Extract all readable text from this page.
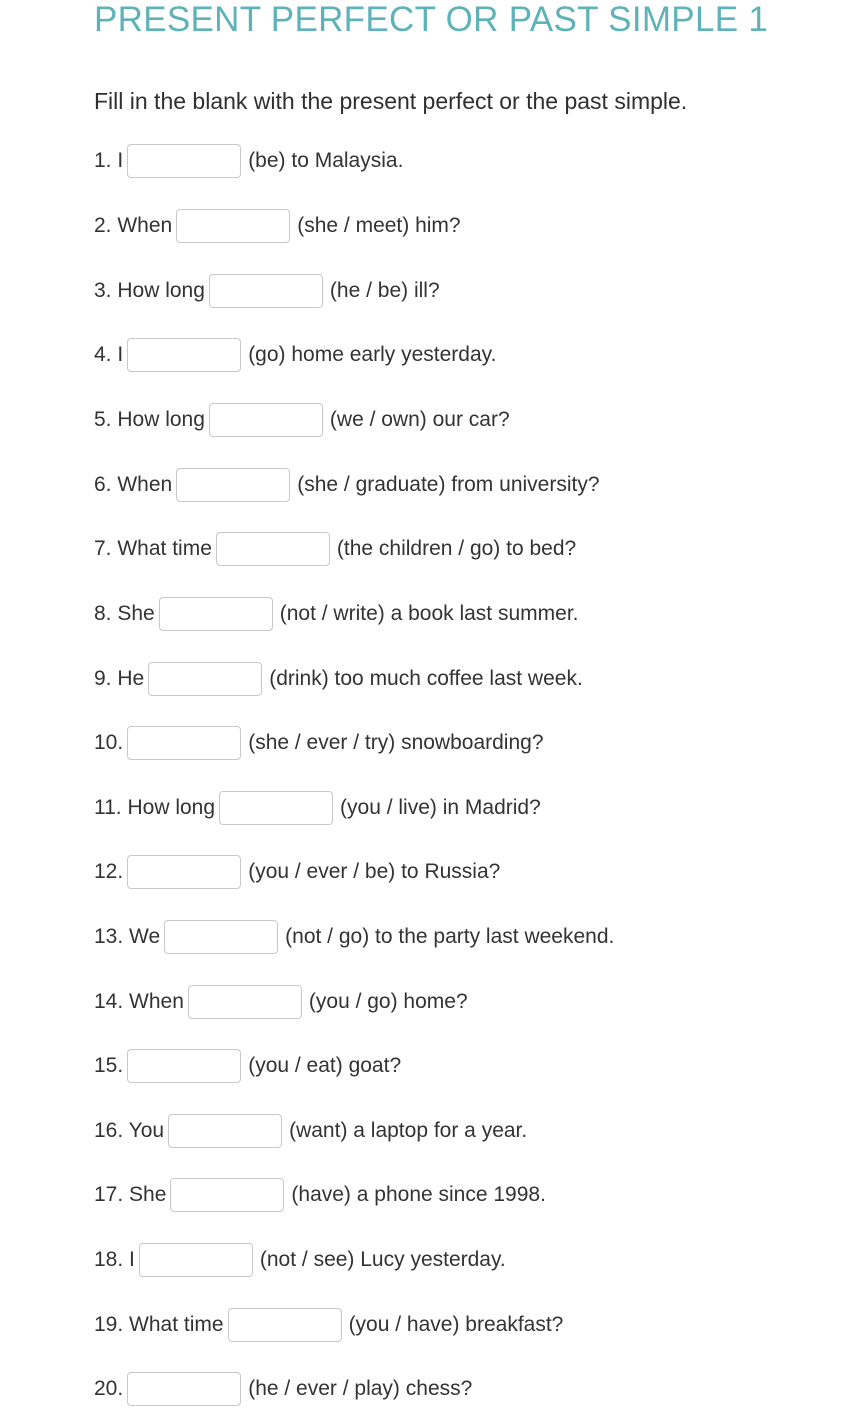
PRESENT PERFECT OR PAST SIMPLE 1
Fill in the blank with the present perfect or the past simple.
1. I	(be) to Malaysia.
2. When	(she / meet) him?
3. How long	(he / be) ill?
4. I	(go) home early yesterday.
5. How long	(we / own) our car?
6. When	(she / graduate) from university?
7. What time	(the children / go) to bed?
8. She	(not / write) a book last summer.
9. He	(drink) too much coffee last week.
10.	(she / ever / try) snowboarding?
11. How long	(you / live) in Madrid?
12.	(you / ever / be) to Russia?
13. We	(not / go) to the party last weekend.
14. When	(you / go) home?
15.	(you / eat) goat?
16. You	(want) a laptop for a year.
17. She	(have) a phone since 1998.
18. I	(not / see) Lucy yesterday.
19. What time	(you / have) breakfast?
20.	(he / ever / play) chess?
